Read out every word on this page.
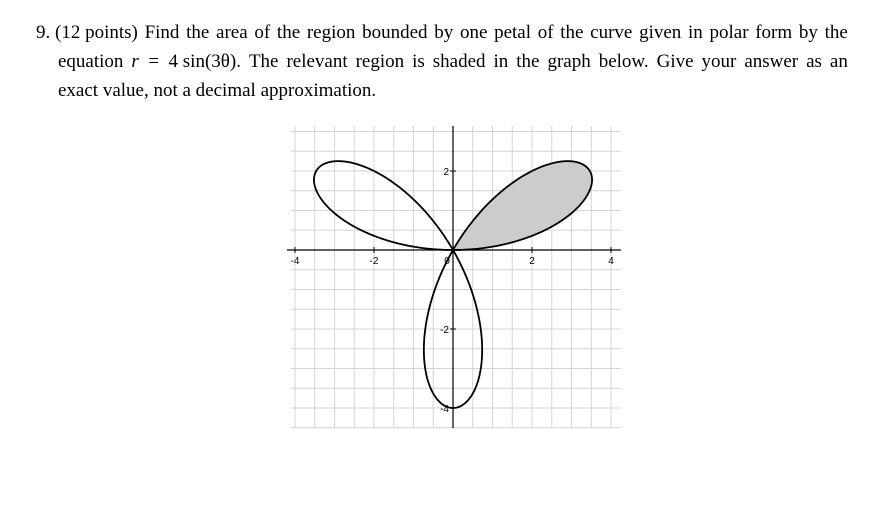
9. (12 points) Find the area of the region bounded by one petal of the curve given in polar form by the
equation r = 4 sin(3θ). The relevant region is shaded in the graph below. Give your answer as an
exact value, not a decimal approximation.
-4	-2	0	2	4
2
-2
-4
